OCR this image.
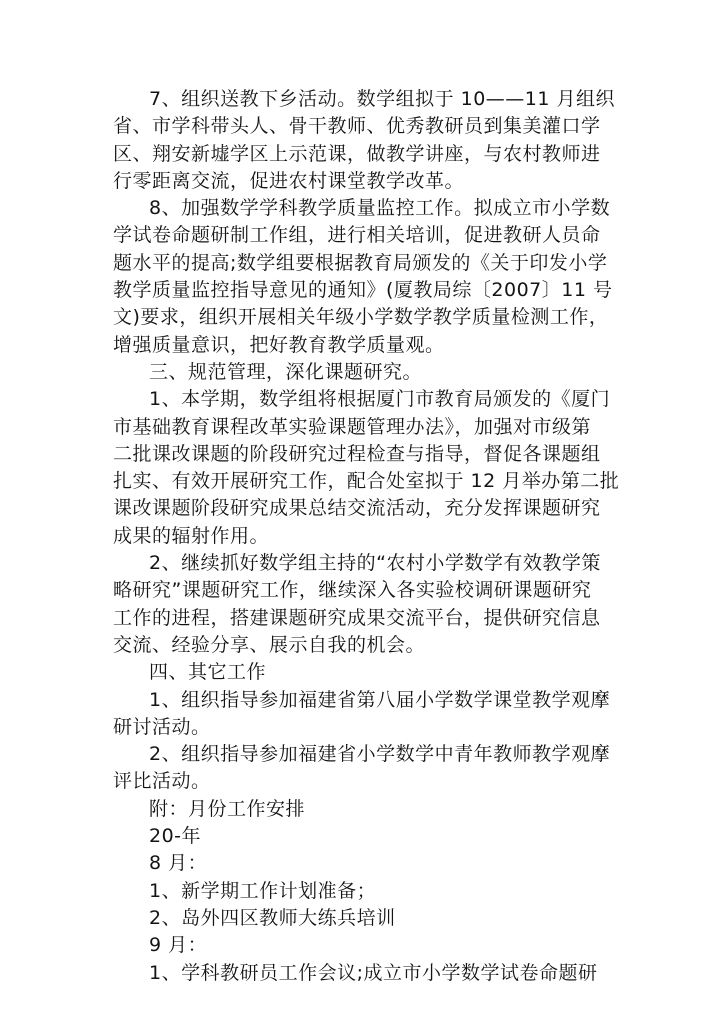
7、组织送教下乡活动。数学组拟于 10——11 月组织
省、市学科带头人、骨干教师、优秀教研员到集美灌口学
区、翔安新墟学区上示范课，做教学讲座，与农村教师进
行零距离交流，促进农村课堂教学改革。
8、加强数学学科教学质量监控工作。拟成立市小学数
学试卷命题研制工作组，进行相关培训，促进教研人员命
题水平的提高;数学组要根据教育局颁发的《关于印发小学
教学质量监控指导意见的通知》(厦教局综〔2007〕11 号
文)要求，组织开展相关年级小学数学教学质量检测工作，
增强质量意识，把好教育教学质量观。
三、规范管理，深化课题研究。
1、本学期，数学组将根据厦门市教育局颁发的《厦门
市基础教育课程改革实验课题管理办法》，加强对市级第
二批课改课题的阶段研究过程检查与指导，督促各课题组
扎实、有效开展研究工作，配合处室拟于 12 月举办第二批
课改课题阶段研究成果总结交流活动，充分发挥课题研究
成果的辐射作用。
2、继续抓好数学组主持的“农村小学数学有效教学策
略研究”课题研究工作，继续深入各实验校调研课题研究
工作的进程，搭建课题研究成果交流平台，提供研究信息
交流、经验分享、展示自我的机会。
四、其它工作
1、组织指导参加福建省第八届小学数学课堂教学观摩
研讨活动。
2、组织指导参加福建省小学数学中青年教师教学观摩
评比活动。
附：月份工作安排
20-年
8 月：
1、新学期工作计划准备；
2、岛外四区教师大练兵培训
9 月：
1、学科教研员工作会议;成立市小学数学试卷命题研
